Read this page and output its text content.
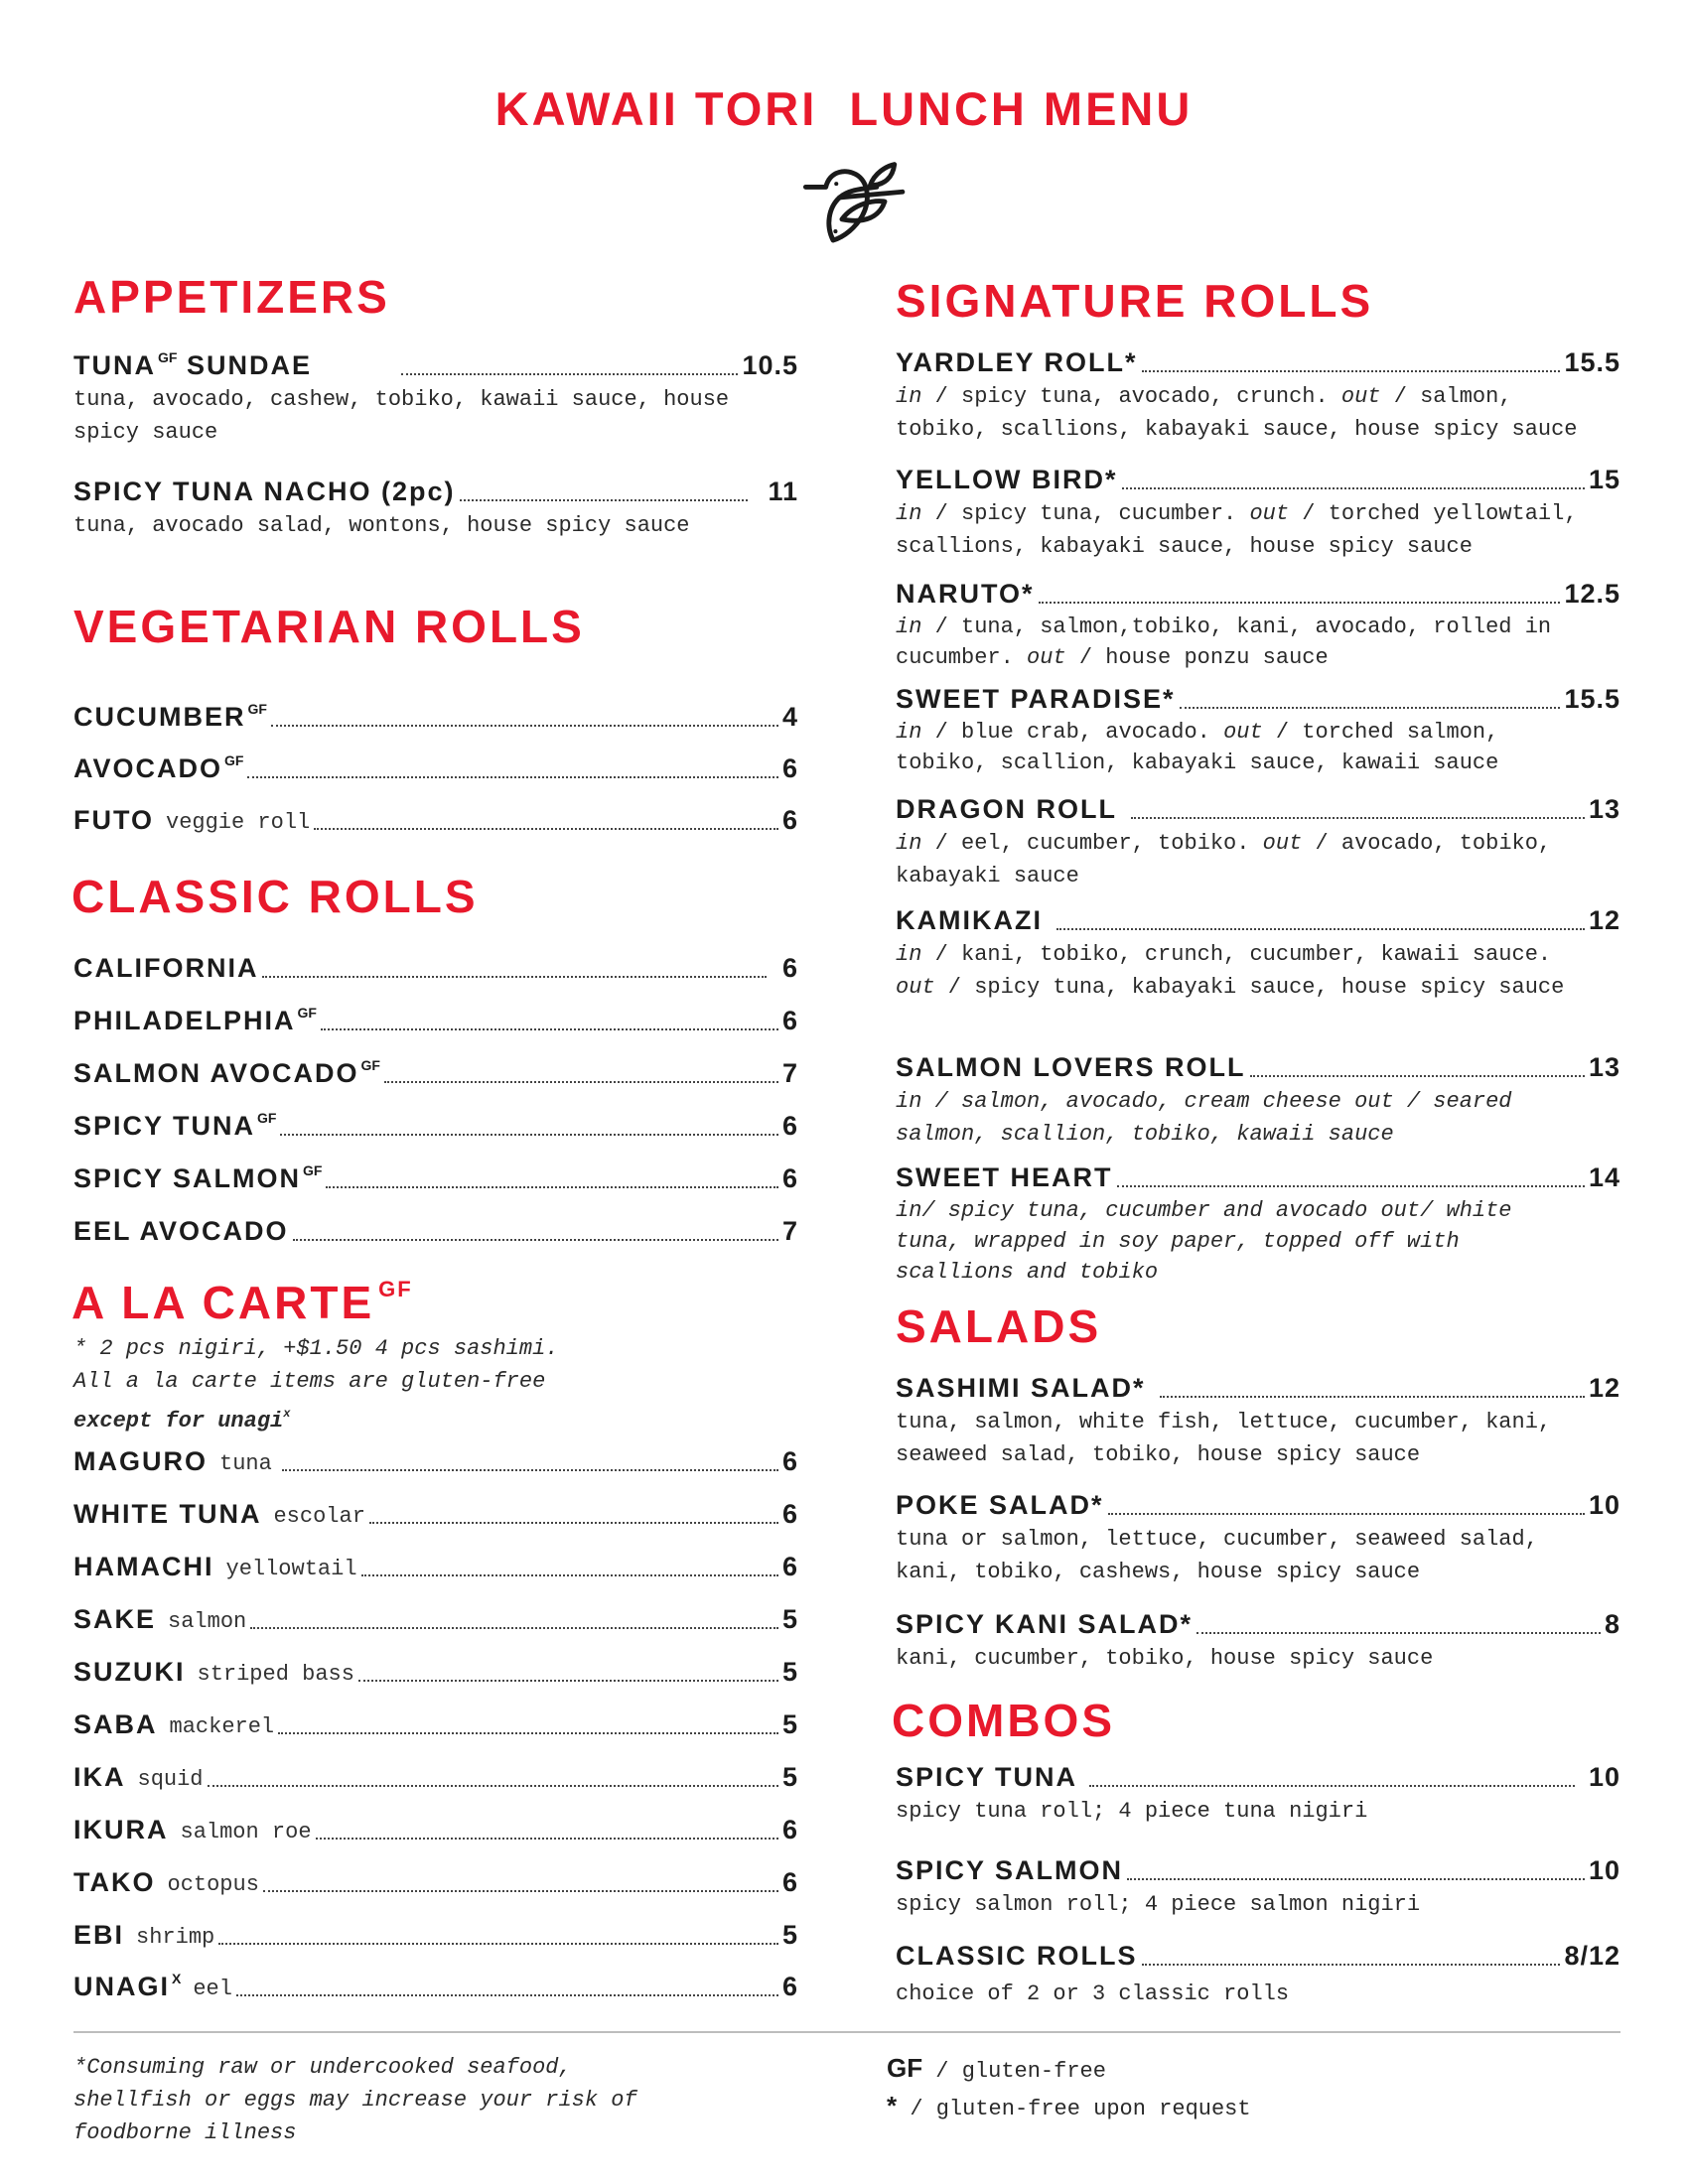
KAWAII TORI  LUNCH MENU
APPETIZERS
TUNA $^{GF}$ SUNDAE	10.5
tuna, avocado, cashew, tobiko, kawaii sauce, house spicy sauce
SPICY TUNA NACHO (2pc)	11
tuna, avocado salad, wontons, house spicy sauce
VEGETARIAN ROLLS
CUCUMBER $^{GF}$	4
AVOCADO $^{GF}$	6
FUTO veggie roll	6
CLASSIC ROLLS
CALIFORNIA	6
PHILADELPHIA $^{GF}$	6
SALMON AVOCADO $^{GF}$	7
SPICY TUNA $^{GF}$	6
SPICY SALMON $^{GF}$	6
EEL AVOCADO	7
A LA CARTE $^{GF}$
* 2 pcs nigiri, +$1.50 4 pcs sashimi.
All a la carte items are gluten-free
except for unagi$^x$
MAGURO tuna	6
WHITE TUNA escolar	6
HAMACHI yellowtail	6
SAKE salmon	5
SUZUKI striped bass	5
SABA mackerel	5
IKA squid	5
IKURA salmon roe	6
TAKO octopus	6
EBI shrimp	5
UNAGI $^X$ eel	6
SIGNATURE ROLLS
YARDLEY ROLL*	15.5
in / spicy tuna, avocado, crunch. out / salmon, tobiko, scallions, kabayaki sauce, house spicy sauce
YELLOW BIRD*	15
in / spicy tuna, cucumber. out / torched yellowtail, scallions, kabayaki sauce, house spicy sauce
NARUTO*	12.5
in / tuna, salmon,tobiko, kani, avocado, rolled in cucumber. out / house ponzu sauce
SWEET PARADISE*	15.5
in / blue crab, avocado. out / torched salmon, tobiko, scallion, kabayaki sauce, kawaii sauce
DRAGON ROLL	13
in / eel, cucumber, tobiko. out / avocado, tobiko, kabayaki sauce
KAMIKAZI	12
in / kani, tobiko, crunch, cucumber, kawaii sauce. out / spicy tuna, kabayaki sauce, house spicy sauce
SALMON LOVERS ROLL	13
in / salmon, avocado, cream cheese out / seared salmon, scallion, tobiko, kawaii sauce
SWEET HEART	14
in/ spicy tuna, cucumber and avocado out/ white tuna, wrapped in soy paper, topped off with scallions and tobiko
SALADS
SASHIMI SALAD*	12
tuna, salmon, white fish, lettuce, cucumber, kani, seaweed salad, tobiko, house spicy sauce
POKE SALAD*	10
tuna or salmon, lettuce, cucumber, seaweed salad, kani, tobiko, cashews, house spicy sauce
SPICY KANI SALAD*	8
kani, cucumber, tobiko, house spicy sauce
COMBOS
SPICY TUNA	10
spicy tuna roll; 4 piece tuna nigiri
SPICY SALMON	10
spicy salmon roll; 4 piece salmon nigiri
CLASSIC ROLLS	8/12
choice of 2 or 3 classic rolls
*Consuming raw or undercooked seafood,
shellfish or eggs may increase your risk of
foodborne illness
GF / gluten-free
* / gluten-free upon request
